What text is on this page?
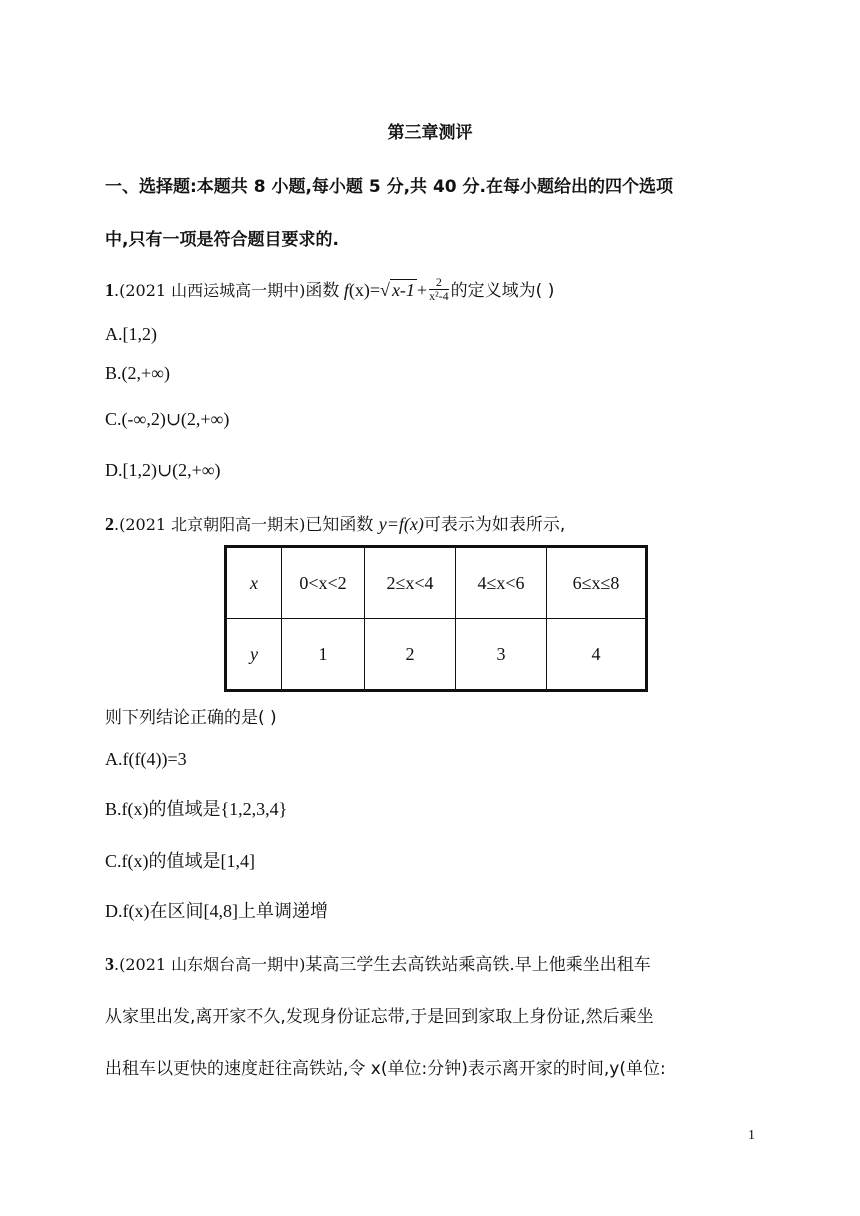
第三章测评
一、选择题:本题共 8 小题,每小题 5 分,共 40 分.在每小题给出的四个选项
中,只有一项是符合题目要求的.
1.(2021 山西运城高一期中)函数 f(x)=√ $x-1 + \frac{2}{\text{x²-4}}$ 的定义域为( )
A.[1,2)
B.(2,+∞)
C.(-∞,2)∪(2,+∞)
D.[1,2)∪(2,+∞)
2.(2021 北京朝阳高一期末)已知函数 y=f(x)可表示为如表所示,
x	0<x<2	2≤x<4	4≤x<6	6≤x≤8
y	1	2	3	4
则下列结论正确的是( )
A.f(f(4))=3
B.f(x)的值域是{1,2,3,4}
C.f(x)的值域是[1,4]
D.f(x)在区间[4,8]上单调递增
3.(2021 山东烟台高一期中)某高三学生去高铁站乘高铁.早上他乘坐出租车
从家里出发,离开家不久,发现身份证忘带,于是回到家取上身份证,然后乘坐
出租车以更快的速度赶往高铁站,令 x(单位:分钟)表示离开家的时间,y(单位:
1
